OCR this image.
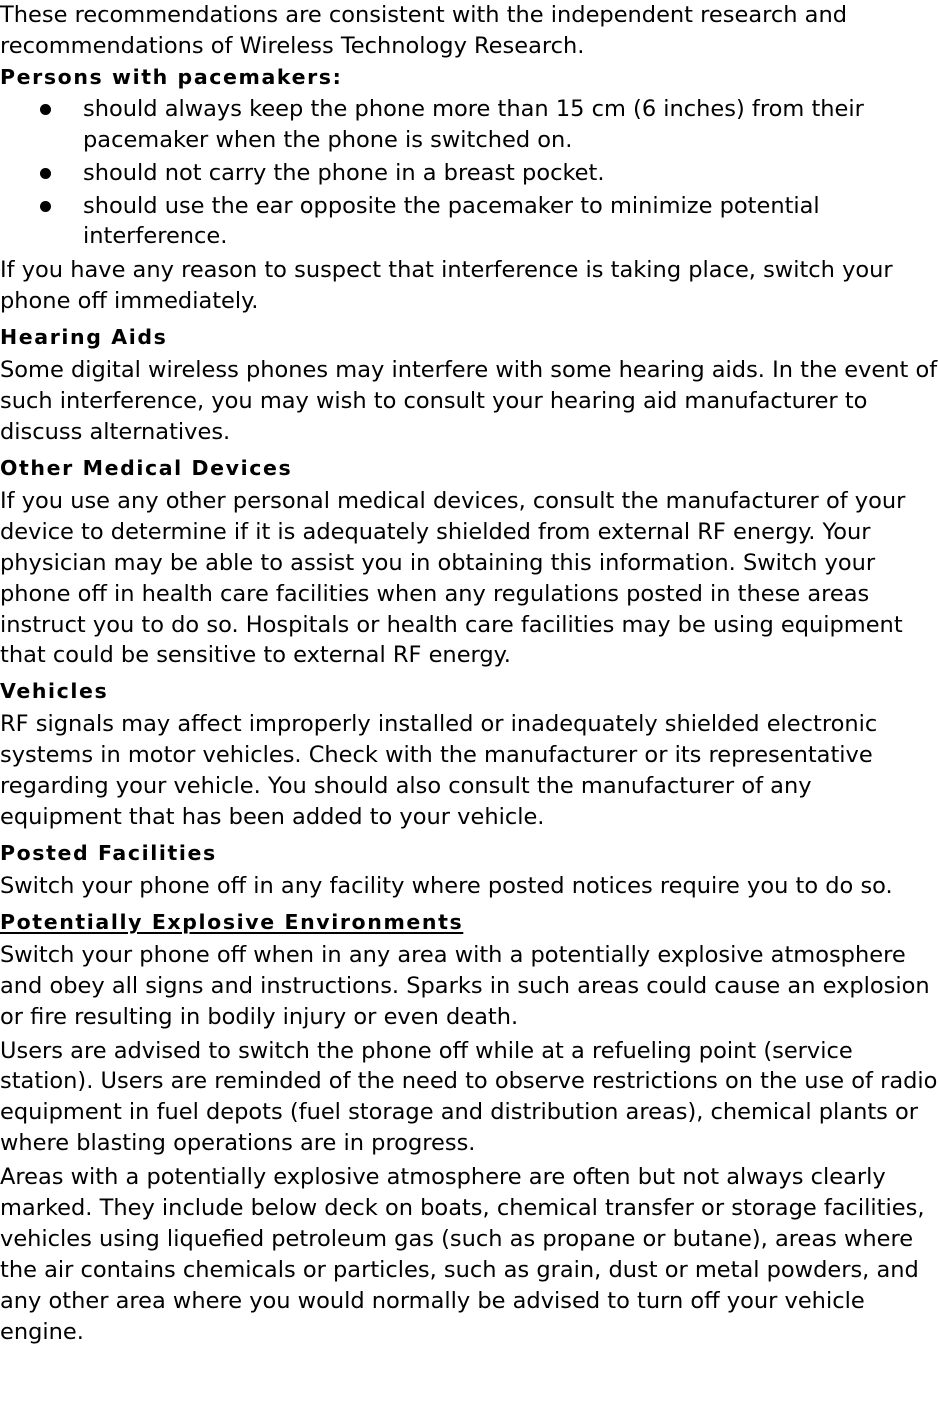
These recommendations are consistent with the independent research and recommendations of Wireless Technology Research.

Persons with pacemakers:
should always keep the phone more than 15 cm (6 inches) from their pacemaker when the phone is switched on.
should not carry the phone in a breast pocket.
should use the ear opposite the pacemaker to minimize potential interference.

If you have any reason to suspect that interference is taking place, switch your phone off immediately.

Hearing Aids

Some digital wireless phones may interfere with some hearing aids. In the event of such interference, you may wish to consult your hearing aid manufacturer to discuss alternatives.

Other Medical Devices

If you use any other personal medical devices, consult the manufacturer of your device to determine if it is adequately shielded from external RF energy. Your physician may be able to assist you in obtaining this information. Switch your phone off in health care facilities when any regulations posted in these areas instruct you to do so. Hospitals or health care facilities may be using equipment that could be sensitive to external RF energy.

Vehicles

RF signals may affect improperly installed or inadequately shielded electronic systems in motor vehicles. Check with the manufacturer or its representative regarding your vehicle. You should also consult the manufacturer of any equipment that has been added to your vehicle.

Posted Facilities

Switch your phone off in any facility where posted notices require you to do so.

Potentially Explosive Environments

Switch your phone off when in any area with a potentially explosive atmosphere and obey all signs and instructions. Sparks in such areas could cause an explosion or fire resulting in bodily injury or even death.

Users are advised to switch the phone off while at a refueling point (service station). Users are reminded of the need to observe restrictions on the use of radio equipment in fuel depots (fuel storage and distribution areas), chemical plants or where blasting operations are in progress.

Areas with a potentially explosive atmosphere are often but not always clearly marked. They include below deck on boats, chemical transfer or storage facilities, vehicles using liquefied petroleum gas (such as propane or butane), areas where the air contains chemicals or particles, such as grain, dust or metal powders, and any other area where you would normally be advised to turn off your vehicle engine.
